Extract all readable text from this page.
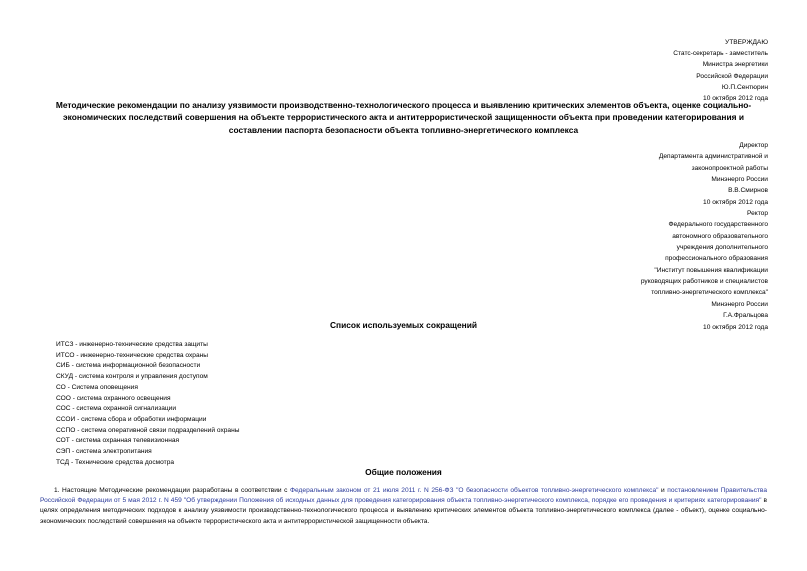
УТВЕРЖДАЮ
Статс-секретарь - заместитель
Министра энергетики
Российской Федерации
Ю.П.Сентюрин
10 октября 2012 года
Методические рекомендации по анализу уязвимости производственно-технологического процесса и выявлению критических элементов объекта, оценке социально-экономических последствий совершения на объекте террористического акта и антитеррористической защищенности объекта при проведении категорирования и составлении паспорта безопасности объекта топливно-энергетического комплекса
Директор
Департамента административной и
законопроектной работы
Минэнерго России
В.В.Смирнов
10 октября 2012 года
Ректор
Федерального государственного
автономного образовательного
учреждения дополнительного
профессионального образования
"Институт повышения квалификации
руководящих работников и специалистов
топливно-энергетического комплекса"
Минэнерго России
Г.А.Фральцова
10 октября 2012 года
Список используемых сокращений
ИТСЗ - инженерно-технические средства защиты
ИТСО - инженерно-технические средства охраны
СИБ - система информационной безопасности
СКУД - система контроля и управления доступом
СО - Система оповещения
СОО - система охранного освещения
СОС - система охранной сигнализации
ССОИ - система сбора и обработки информации
ССПО - система оперативной связи подразделений охраны
СОТ - система охранная телевизионная
СЭП - система электропитания
ТСД - Технические средства досмотра
Общие положения
1. Настоящие Методические рекомендации разработаны в соответствии с Федеральным законом от 21 июля 2011 г. N 256-ФЗ "О безопасности объектов топливно-энергетического комплекса" и постановлением Правительства Российской Федерации от 5 мая 2012 г. N 459 "Об утверждении Положения об исходных данных для проведения категорирования объекта топливно-энергетического комплекса, порядке его проведения и критериях категорирования" в целях определения методических подходов к анализу уязвимости производственно-технологического процесса и выявлению критических элементов объекта топливно-энергетического комплекса (далее - объект), оценке социально-экономических последствий совершения на объекте террористического акта и антитеррористической защищенности объекта.
